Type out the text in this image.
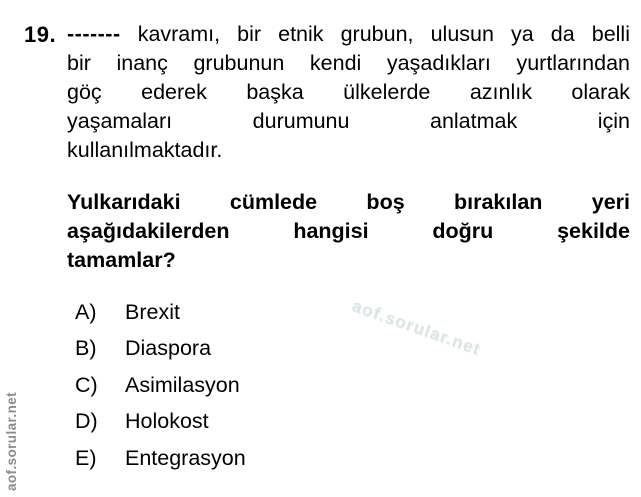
19. ------- kavramı, bir etnik grubun, ulusun ya da belli
bir inanç grubunun kendi yaşadıkları yurtlarından
göç ederek başka ülkelerde azınlık olarak
yaşamaları durumunu anlatmak için
kullanılmaktadır.
Yulkarıdaki cümlede boş bırakılan yeri
aşağıdakilerden hangisi doğru şekilde
tamamlar?
A)	Brexit
B)	Diaspora
C)	Asimilasyon
D)	Holokost
E)	Entegrasyon
aof.sorular.net
aof.sorular.net
